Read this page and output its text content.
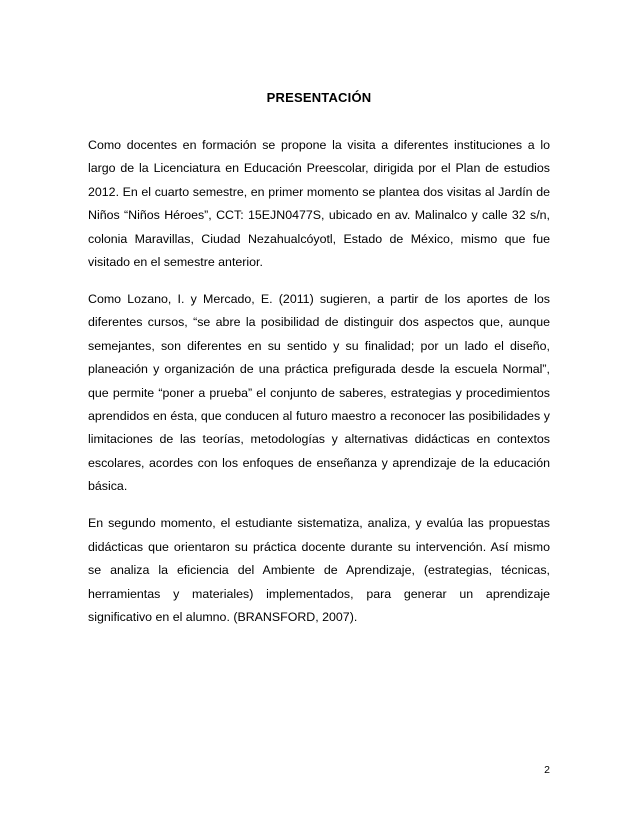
PRESENTACIÓN

Como docentes en formación se propone la visita a diferentes instituciones a lo largo de la Licenciatura en Educación Preescolar, dirigida por el Plan de estudios 2012. En el cuarto semestre, en primer momento se plantea dos visitas al Jardín de Niños “Niños Héroes”, CCT: 15EJN0477S, ubicado en av. Malinalco y calle 32 s/n, colonia Maravillas, Ciudad Nezahualcóyotl, Estado de México, mismo que fue visitado en el semestre anterior.

Como Lozano, I. y Mercado, E. (2011) sugieren, a partir de los aportes de los diferentes cursos, “se abre la posibilidad de distinguir dos aspectos que, aunque semejantes, son diferentes en su sentido y su finalidad; por un lado el diseño, planeación y organización de una práctica prefigurada desde la escuela Normal”, que permite “poner a prueba” el conjunto de saberes, estrategias y procedimientos aprendidos en ésta, que conducen al futuro maestro a reconocer las posibilidades y limitaciones de las teorías, metodologías y alternativas didácticas en contextos escolares, acordes con los enfoques de enseñanza y aprendizaje de la educación básica.

En segundo momento, el estudiante sistematiza, analiza, y evalúa las propuestas didácticas que orientaron su práctica docente durante su intervención. Así mismo se analiza la eficiencia del Ambiente de Aprendizaje, (estrategias, técnicas, herramientas y materiales) implementados, para generar un aprendizaje significativo en el alumno. (BRANSFORD, 2007).

2
